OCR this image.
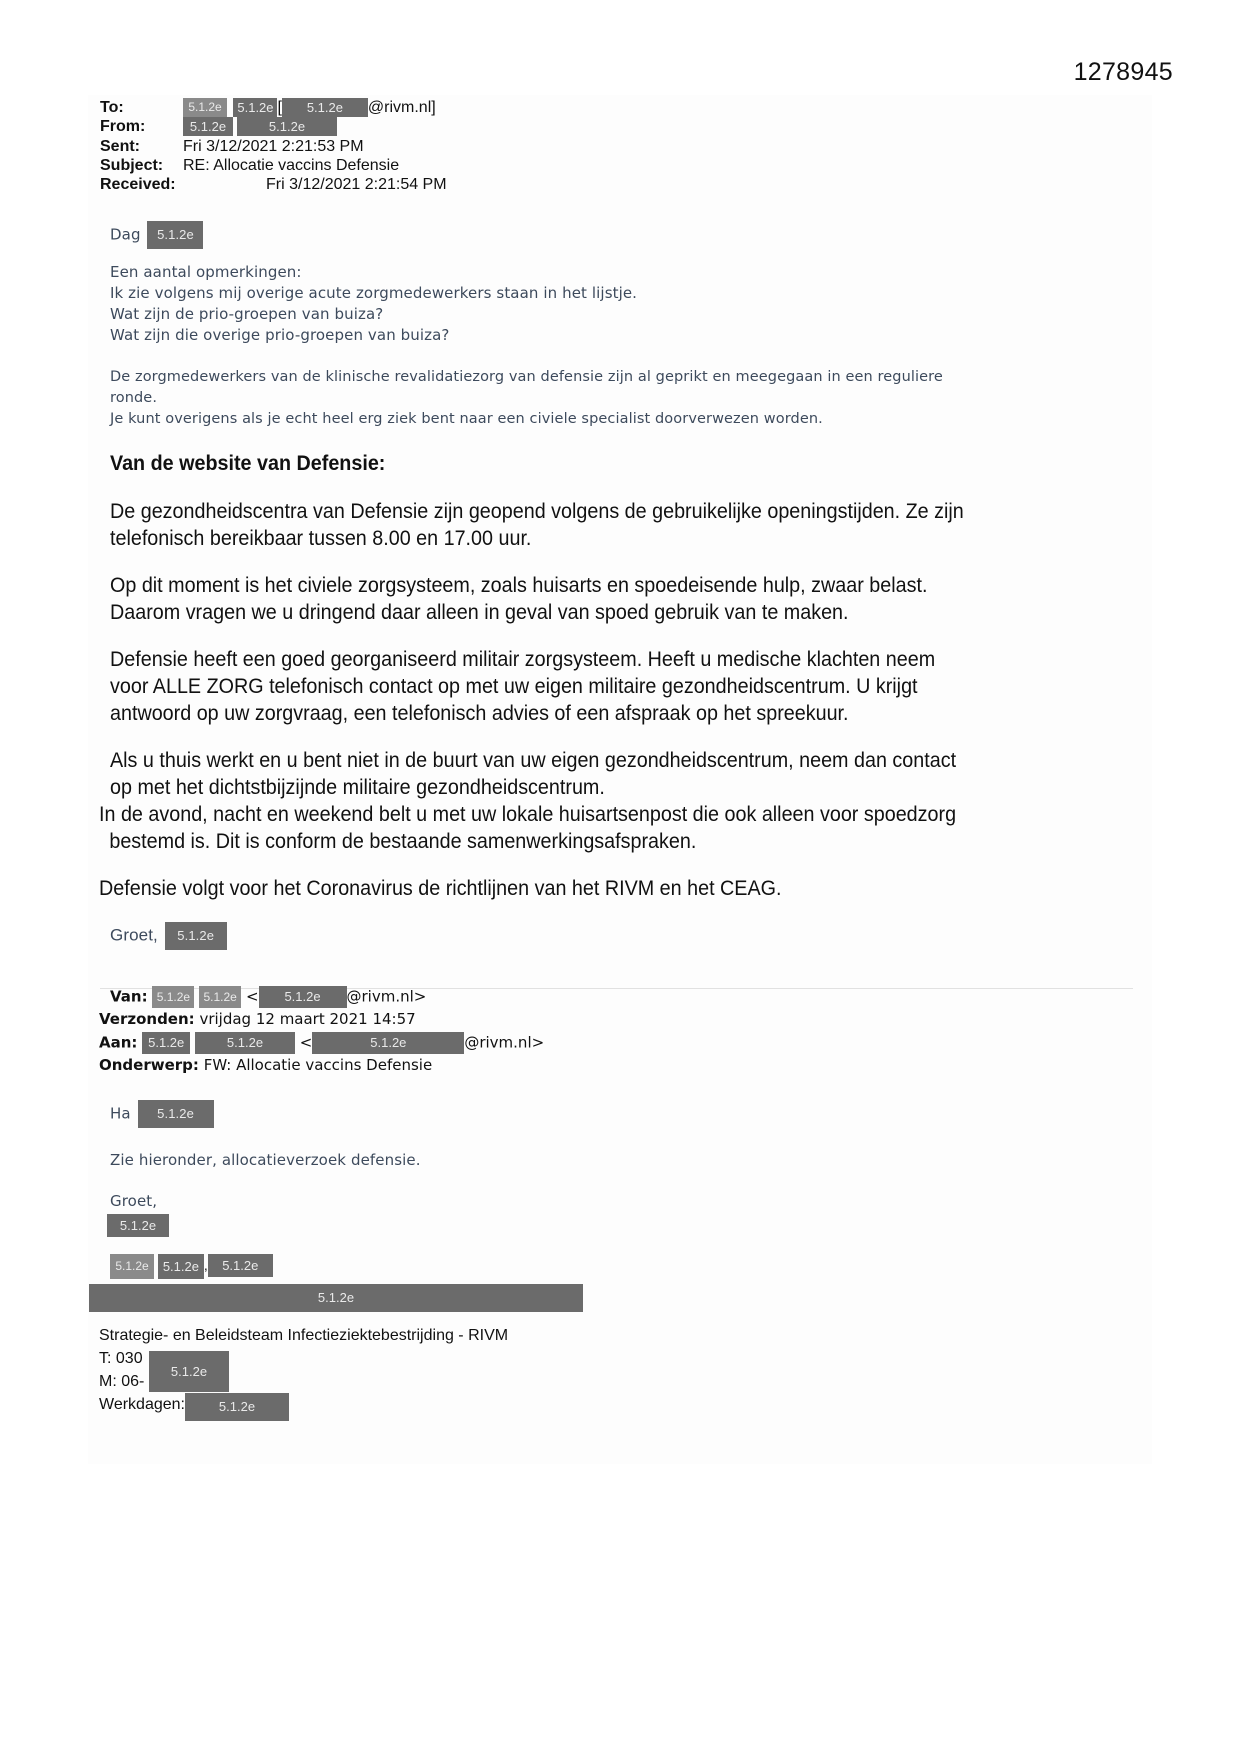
1278945
To:	5.1.2e 5.1.2e [ 5.1.2e @rivm.nl]
From:	5.1.2e	5.1.2e
Sent:	Fri 3/12/2021 2:21:53 PM
Subject: RE: Allocatie vaccins Defensie
Received:	Fri 3/12/2021 2:21:54 PM
Dag 5.1.2e
Een aantal opmerkingen:
Ik zie volgens mij overige acute zorgmedewerkers staan in het lijstje.
Wat zijn de prio-groepen van buiza?
Wat zijn die overige prio-groepen van buiza?
De zorgmedewerkers van de klinische revalidatiezorg van defensie zijn al geprikt en meegegaan in een reguliere
ronde.
Je kunt overigens als je echt heel erg ziek bent naar een civiele specialist doorverwezen worden.
Van de website van Defensie:
De gezondheidscentra van Defensie zijn geopend volgens de gebruikelijke openingstijden. Ze zijn
telefonisch bereikbaar tussen 8.00 en 17.00 uur.
Op dit moment is het civiele zorgsysteem, zoals huisarts en spoedeisende hulp, zwaar belast.
Daarom vragen we u dringend daar alleen in geval van spoed gebruik van te maken.
Defensie heeft een goed georganiseerd militair zorgsysteem. Heeft u medische klachten neem
voor ALLE ZORG telefonisch contact op met uw eigen militaire gezondheidscentrum. U krijgt
antwoord op uw zorgvraag, een telefonisch advies of een afspraak op het spreekuur.
Als u thuis werkt en u bent niet in de buurt van uw eigen gezondheidscentrum, neem dan contact
op met het dichtstbijzijnde militaire gezondheidscentrum.
In de avond, nacht en weekend belt u met uw lokale huisartsenpost die ook alleen voor spoedzorg
bestemd is. Dit is conform de bestaande samenwerkingsafspraken.
Defensie volgt voor het Coronavirus de richtlijnen van het RIVM en het CEAG.
Groet, 5.1.2e
Van: 5.1.2e 5.1.2e < 5.1.2e @rivm.nl>
Verzonden: vrijdag 12 maart 2021 14:57
Aan: 5.1.2e	5.1.2e <	5.1.2e	@rivm.nl>
Onderwerp: FW: Allocatie vaccins Defensie
Ha 5.1.2e
Zie hieronder, allocatieverzoek defensie.
Groet,
5.1.2e
5.1.2e 5.1.2e , 5.1.2e
5.1.2e
Strategie- en Beleidsteam Infectieziektebestrijding - RIVM
T: 030
M: 06-
5.1.2e
Werkdagen:	5.1.2e
